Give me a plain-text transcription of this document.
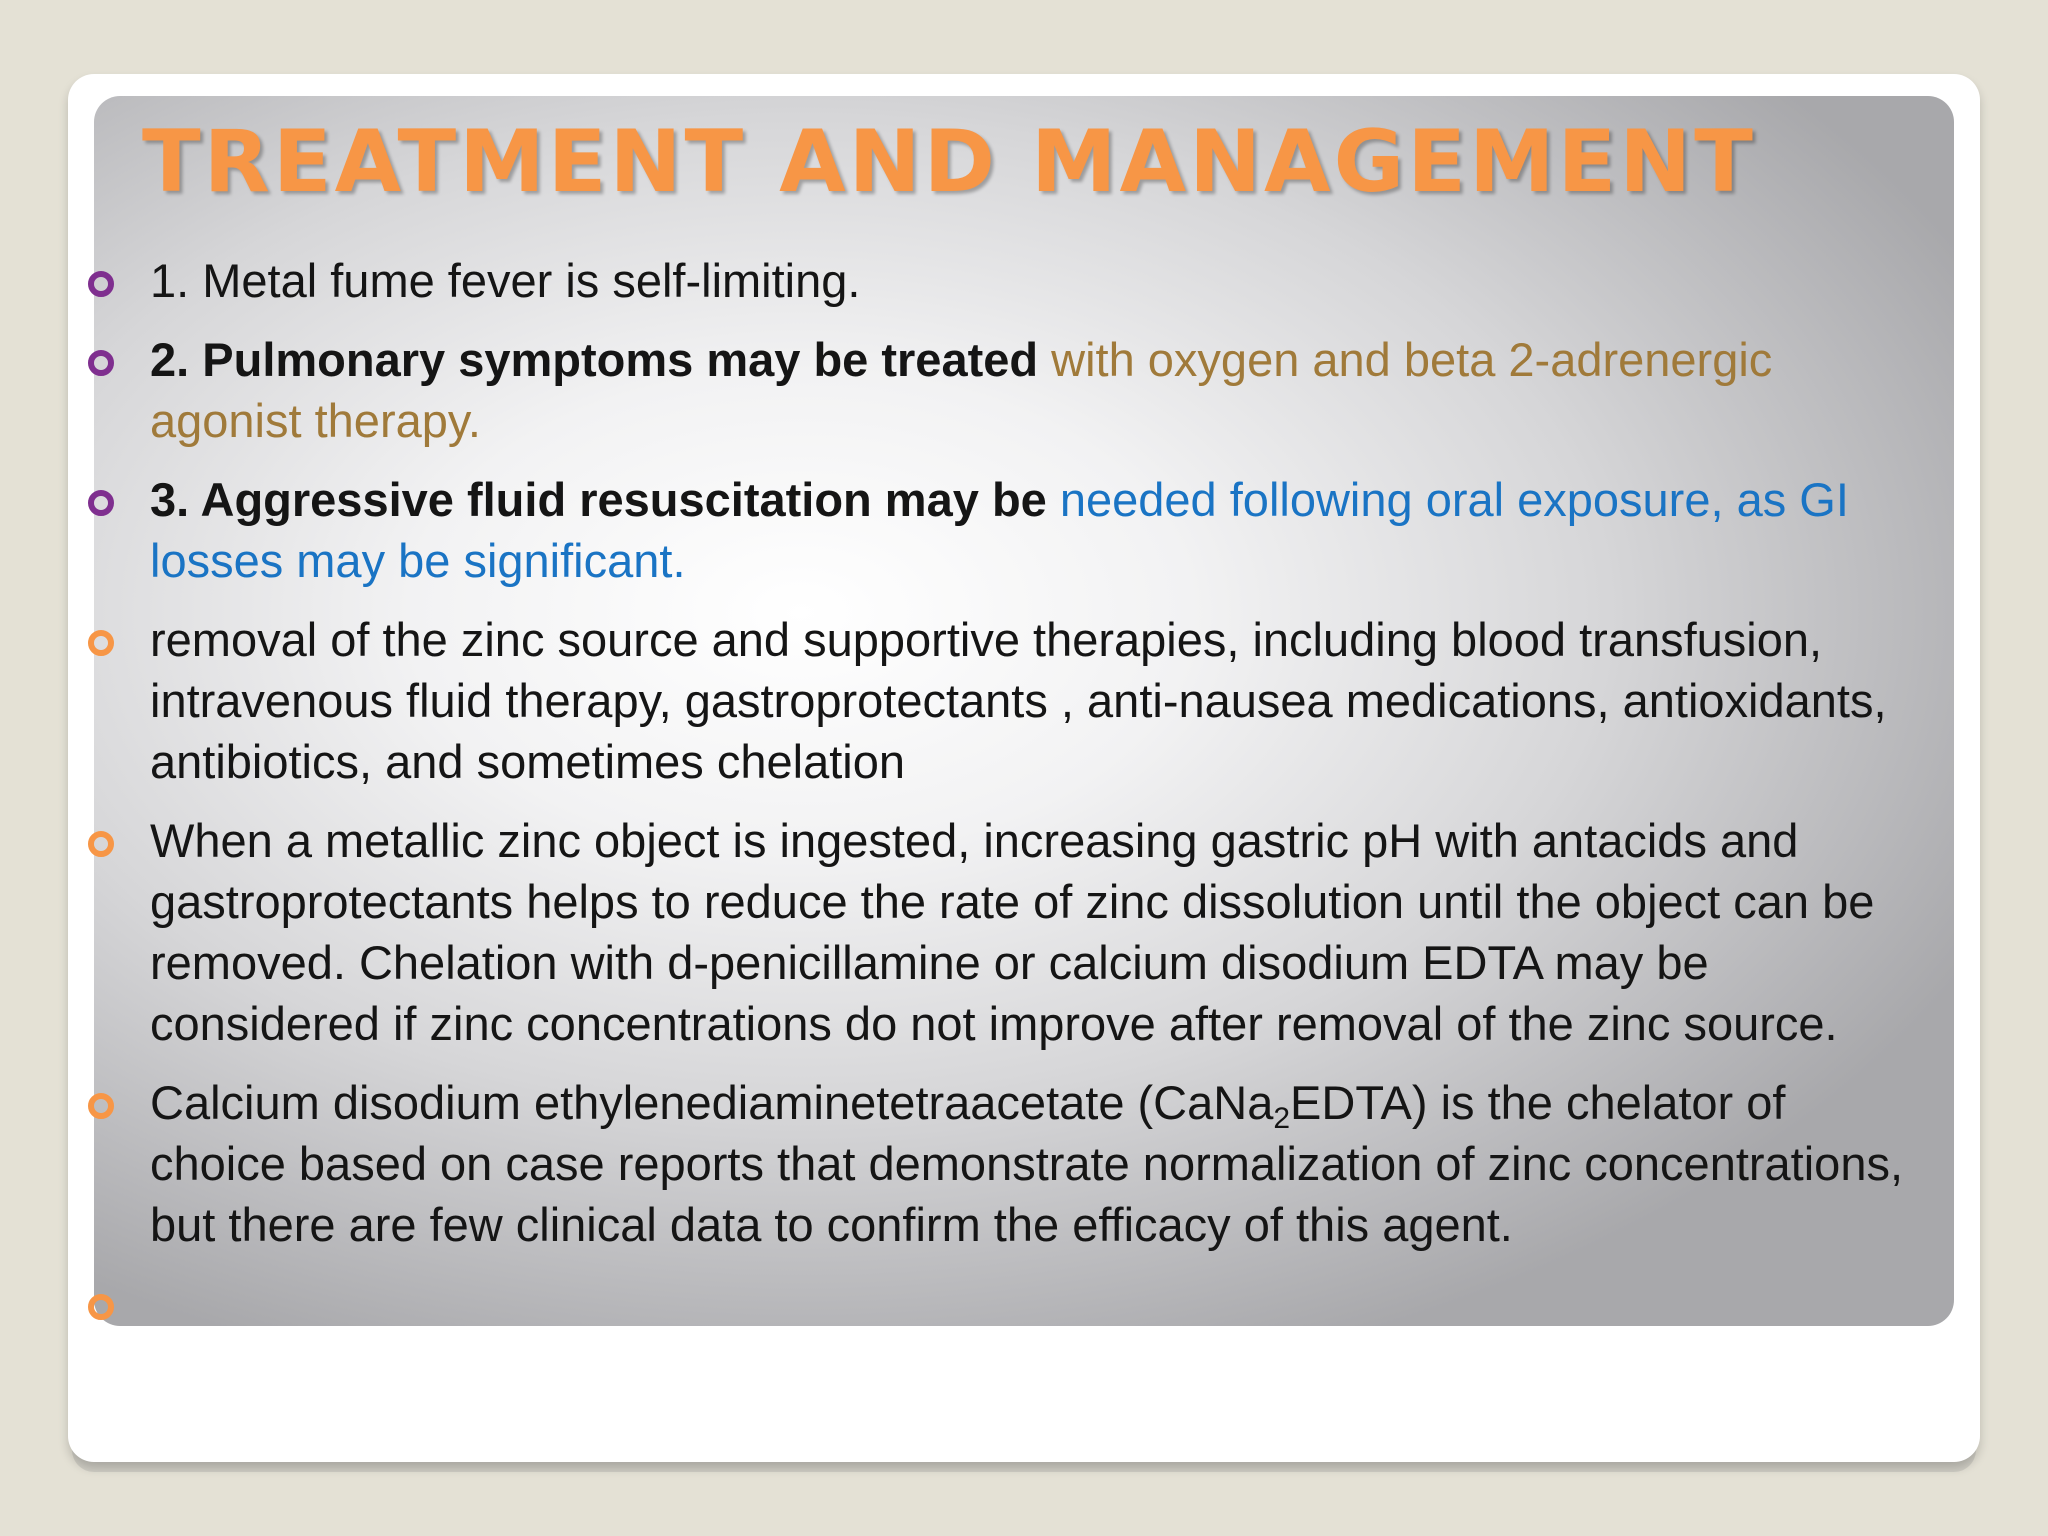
TREATMENT AND MANAGEMENT
1. Metal fume fever is self-limiting.
2. Pulmonary symptoms may be treated with oxygen and beta 2-adrenergic agonist therapy.
3. Aggressive fluid resuscitation may be needed following oral exposure, as GI losses may be significant.
removal of the zinc source and supportive therapies, including blood transfusion, intravenous fluid therapy, gastroprotectants , anti-nausea medications, antioxidants, antibiotics, and sometimes chelation
When a metallic zinc object is ingested, increasing gastric pH with antacids and gastroprotectants helps to reduce the rate of zinc dissolution until the object can be removed. Chelation with d-penicillamine or calcium disodium EDTA may be considered if zinc concentrations do not improve after removal of the zinc source.
Calcium disodium ethylenediaminetetraacetate (CaNa$_2$EDTA) is the chelator of choice based on case reports that demonstrate normalization of zinc concentrations, but there are few clinical data to confirm the efficacy of this agent.
